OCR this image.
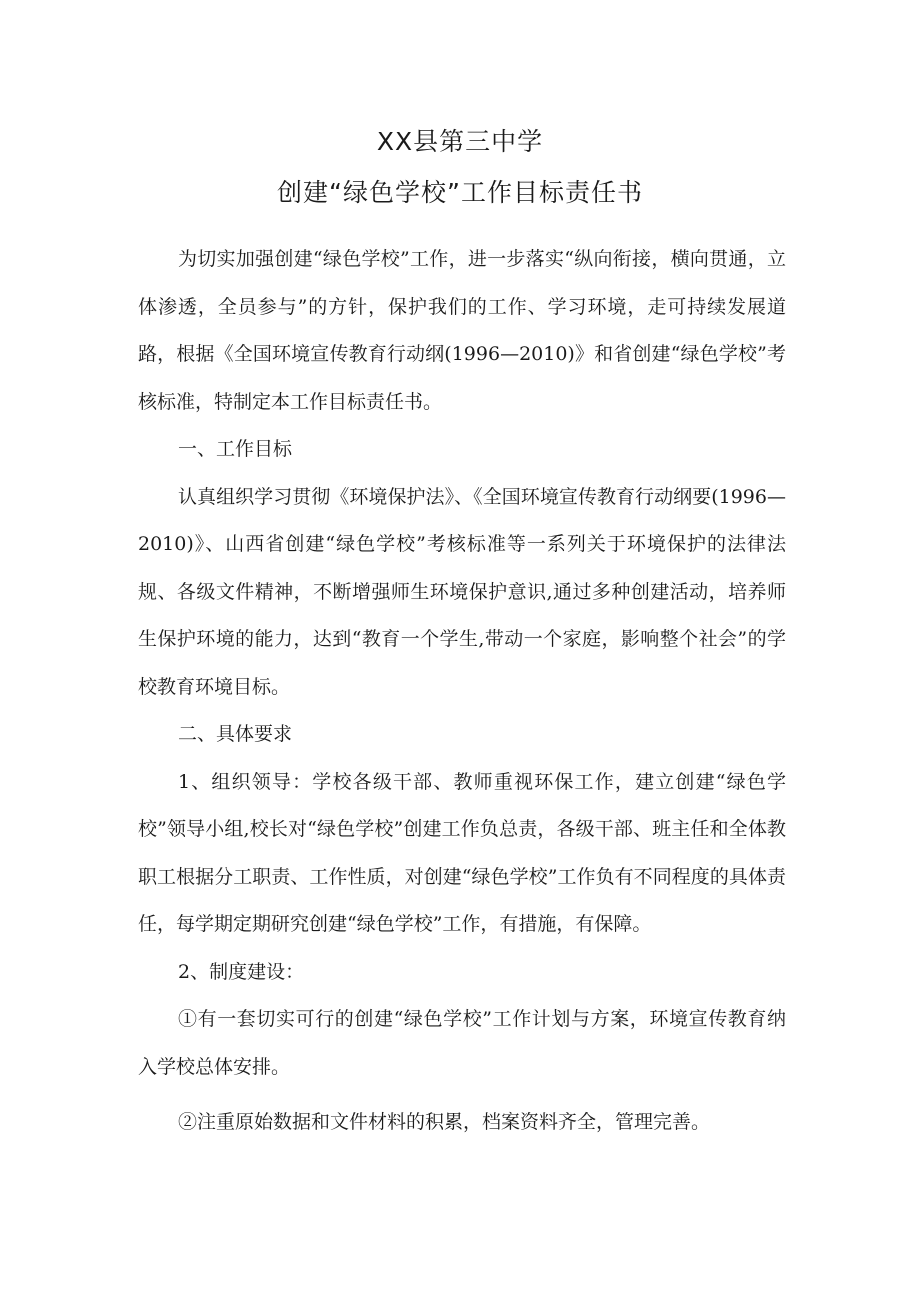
XX县第三中学
创建“绿色学校”工作目标责任书

为切实加强创建“绿色学校”工作，进一步落实“纵向衔接，横向贯通，立体渗透，全员参与”的方针，保护我们的工作、学习环境，走可持续发展道路，根据《全国环境宣传教育行动纲(1996—2010)》和省创建“绿色学校”考核标准，特制定本工作目标责任书。

一、工作目标

认真组织学习贯彻《环境保护法》、《全国环境宣传教育行动纲要(1996—2010)》、山西省创建“绿色学校”考核标准等一系列关于环境保护的法律法规、各级文件精神，不断增强师生环境保护意识,通过多种创建活动，培养师生保护环境的能力，达到“教育一个学生,带动一个家庭，影响整个社会”的学校教育环境目标。

二、具体要求

1、组织领导：学校各级干部、教师重视环保工作，建立创建“绿色学校”领导小组,校长对“绿色学校”创建工作负总责，各级干部、班主任和全体教职工根据分工职责、工作性质，对创建“绿色学校”工作负有不同程度的具体责任，每学期定期研究创建“绿色学校”工作，有措施，有保障。

2、制度建设：

①有一套切实可行的创建“绿色学校”工作计划与方案，环境宣传教育纳入学校总体安排。

②注重原始数据和文件材料的积累，档案资料齐全，管理完善。
